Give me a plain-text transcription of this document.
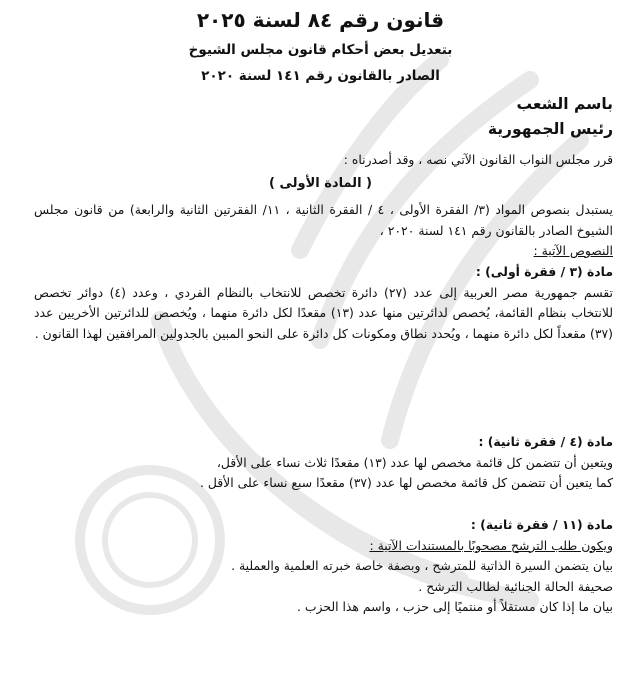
قانون رقم ٨٤ لسنة ٢٠٢٥

بتعديل بعض أحكام قانون مجلس الشيوخ

الصادر بالقانون رقم ١٤١ لسنة ٢٠٢٠

باسم الشعب

رئيس الجمهورية

قرر مجلس النواب القانون الآتي نصه ، وقد أصدرناه :

( المادة الأولى )

يستبدل بنصوص المواد (٣/ الفقرة الأولى ، ٤ / الفقرة الثانية ، ١١/ الفقرتين الثانية والرابعة) من قانون مجلس الشيوخ الصادر بالقانون رقم ١٤١ لسنة ٢٠٢٠ ،

النصوص الآتية :

مادة (٣ / فقرة أولى) :

تقسم جمهورية مصر العربية إلى عدد (٢٧) دائرة تخصص للانتخاب بالنظام الفردي ، وعدد (٤) دوائر تخصص للانتخاب بنظام القائمة، يُخصص لدائرتين منها عدد (١٣) مقعدًا لكل دائرة منهما ، ويُخصص للدائرتين الأخريين عدد (٣٧) مقعداً لكل دائرة منهما ، ويُحدد نطاق ومكونات كل دائرة على النحو المبين بالجدولين المرافقين لهذا القانون .

مادة (٤ / فقرة ثانية) :

ويتعين أن تتضمن كل قائمة مخصص لها عدد (١٣) مقعدًا ثلاث نساء على الأقل،

كما يتعين أن تتضمن كل قائمة مخصص لها عدد (٣٧) مقعدًا سبع نساء على الأقل .

مادة (١١ / فقرة ثانية) :

ويكون طلب الترشح مصحوبًا بالمستندات الآتية :

بيان يتضمن السيرة الذاتية للمترشح ، وبصفة خاصة خبرته العلمية والعملية .

صحيفة الحالة الجنائية لطالب الترشح .

بيان ما إذا كان مستقلاً أو منتميًا إلى حزب ، واسم هذا الحزب .
